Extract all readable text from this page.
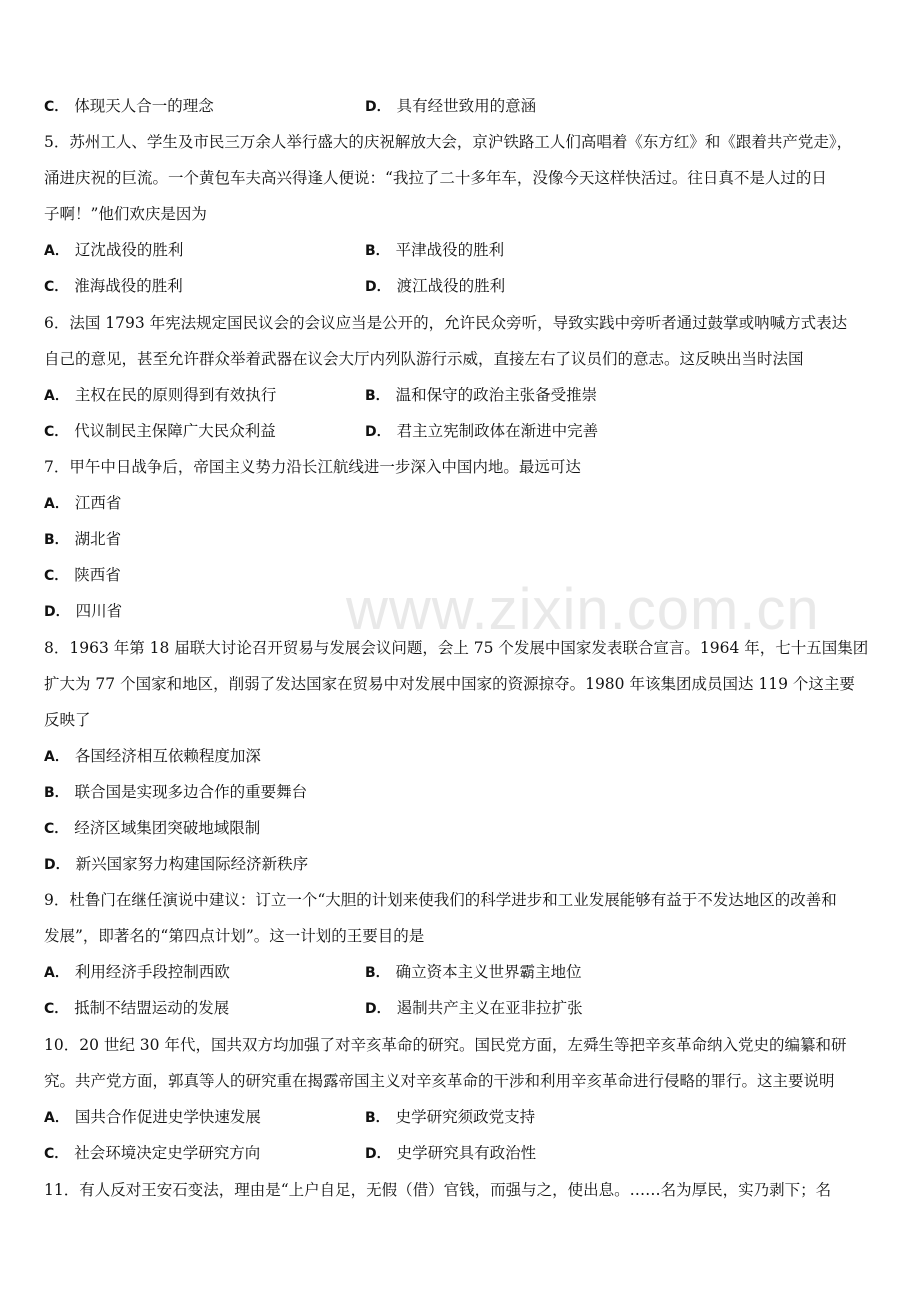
www.zixin.com.cn
C． 体现天人合一的理念	D． 具有经世致用的意涵
5．苏州工人、学生及市民三万余人举行盛大的庆祝解放大会，京沪铁路工人们高唱着《东方红》和《跟着共产党走》，
涌进庆祝的巨流。一个黄包车夫高兴得逢人便说：“我拉了二十多年车，没像今天这样快活过。往日真不是人过的日
子啊！”他们欢庆是因为
A． 辽沈战役的胜利	B． 平津战役的胜利
C． 淮海战役的胜利	D． 渡江战役的胜利
6．法国 1793 年宪法规定国民议会的会议应当是公开的，允许民众旁听，导致实践中旁听者通过鼓掌或呐喊方式表达
自己的意见，甚至允许群众举着武器在议会大厅内列队游行示威，直接左右了议员们的意志。这反映出当时法国
A． 主权在民的原则得到有效执行	B． 温和保守的政治主张备受推崇
C． 代议制民主保障广大民众利益	D． 君主立宪制政体在渐进中完善
7．甲午中日战争后，帝国主义势力沿长江航线进一步深入中国内地。最远可达
A． 江西省
B． 湖北省
C． 陕西省
D． 四川省
8．1963 年第 18 届联大讨论召开贸易与发展会议问题，会上 75 个发展中国家发表联合宣言。1964 年，七十五国集团
扩大为 77 个国家和地区，削弱了发达国家在贸易中对发展中国家的资源掠夺。1980 年该集团成员国达 119 个这主要
反映了
A． 各国经济相互依赖程度加深
B． 联合国是实现多边合作的重要舞台
C． 经济区域集团突破地域限制
D． 新兴国家努力构建国际经济新秩序
9．杜鲁门在继任演说中建议：订立一个“大胆的计划来使我们的科学进步和工业发展能够有益于不发达地区的改善和
发展”，即著名的“第四点计划”。这一计划的王要目的是
A． 利用经济手段控制西欧	B． 确立资本主义世界霸主地位
C． 抵制不结盟运动的发展	D． 遏制共产主义在亚非拉扩张
10．20 世纪 30 年代，国共双方均加强了对辛亥革命的研究。国民党方面，左舜生等把辛亥革命纳入党史的编纂和研
究。共产党方面，郭真等人的研究重在揭露帝国主义对辛亥革命的干涉和利用辛亥革命进行侵略的罪行。这主要说明
A． 国共合作促进史学快速发展	B． 史学研究须政党支持
C． 社会环境决定史学研究方向	D． 史学研究具有政治性
11．有人反对王安石变法，理由是“上户自足，无假（借）官钱，而强与之，使出息。……名为厚民，实乃剥下；名
